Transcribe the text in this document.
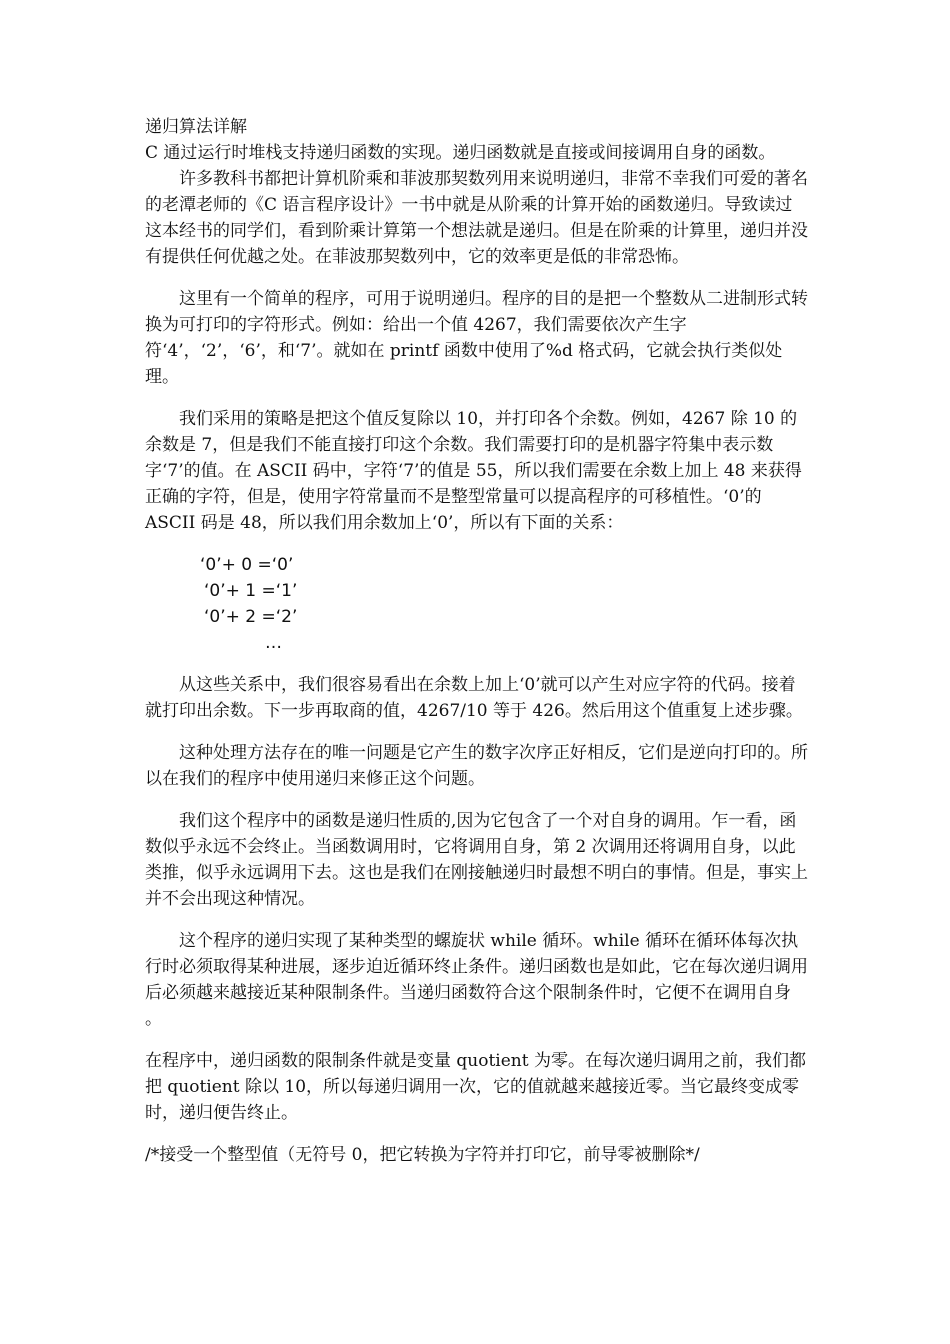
递归算法详解

C 通过运行时堆栈支持递归函数的实现。递归函数就是直接或间接调用自身的函数。

许多教科书都把计算机阶乘和菲波那契数列用来说明递归，非常不幸我们可爱的著名的老潭老师的《C 语言程序设计》一书中就是从阶乘的计算开始的函数递归。导致读过这本经书的同学们，看到阶乘计算第一个想法就是递归。但是在阶乘的计算里，递归并没有提供任何优越之处。在菲波那契数列中，它的效率更是低的非常恐怖。

这里有一个简单的程序，可用于说明递归。程序的目的是把一个整数从二进制形式转换为可打印的字符形式。例如：给出一个值 4267，我们需要依次产生字符‘4’，‘2’，‘6’，和‘7’。就如在 printf 函数中使用了%d 格式码，它就会执行类似处理。

我们采用的策略是把这个值反复除以 10，并打印各个余数。例如，4267 除 10 的余数是 7，但是我们不能直接打印这个余数。我们需要打印的是机器字符集中表示数字‘7’的值。在 ASCII 码中，字符‘7’的值是 55，所以我们需要在余数上加上 48 来获得正确的字符，但是，使用字符常量而不是整型常量可以提高程序的可移植性。‘0’的 ASCII 码是 48，所以我们用余数加上‘0’，所以有下面的关系：

‘0’+ 0 =‘0’
‘0’+ 1 =‘1’
‘0’+ 2 =‘2’
…

从这些关系中，我们很容易看出在余数上加上‘0’就可以产生对应字符的代码。接着就打印出余数。下一步再取商的值，4267/10 等于 426。然后用这个值重复上述步骤。

这种处理方法存在的唯一问题是它产生的数字次序正好相反，它们是逆向打印的。所以在我们的程序中使用递归来修正这个问题。

我们这个程序中的函数是递归性质的,因为它包含了一个对自身的调用。乍一看，函数似乎永远不会终止。当函数调用时，它将调用自身，第 2 次调用还将调用自身，以此类推，似乎永远调用下去。这也是我们在刚接触递归时最想不明白的事情。但是，事实上并不会出现这种情况。

这个程序的递归实现了某种类型的螺旋状 while 循环。while 循环在循环体每次执行时必须取得某种进展，逐步迫近循环终止条件。递归函数也是如此，它在每次递归调用后必须越来越接近某种限制条件。当递归函数符合这个限制条件时，它便不在调用自身 。

在程序中，递归函数的限制条件就是变量 quotient 为零。在每次递归调用之前，我们都把 quotient 除以 10，所以每递归调用一次，它的值就越来越接近零。当它最终变成零时，递归便告终止。

/*接受一个整型值（无符号 0，把它转换为字符并打印它，前导零被删除*/
